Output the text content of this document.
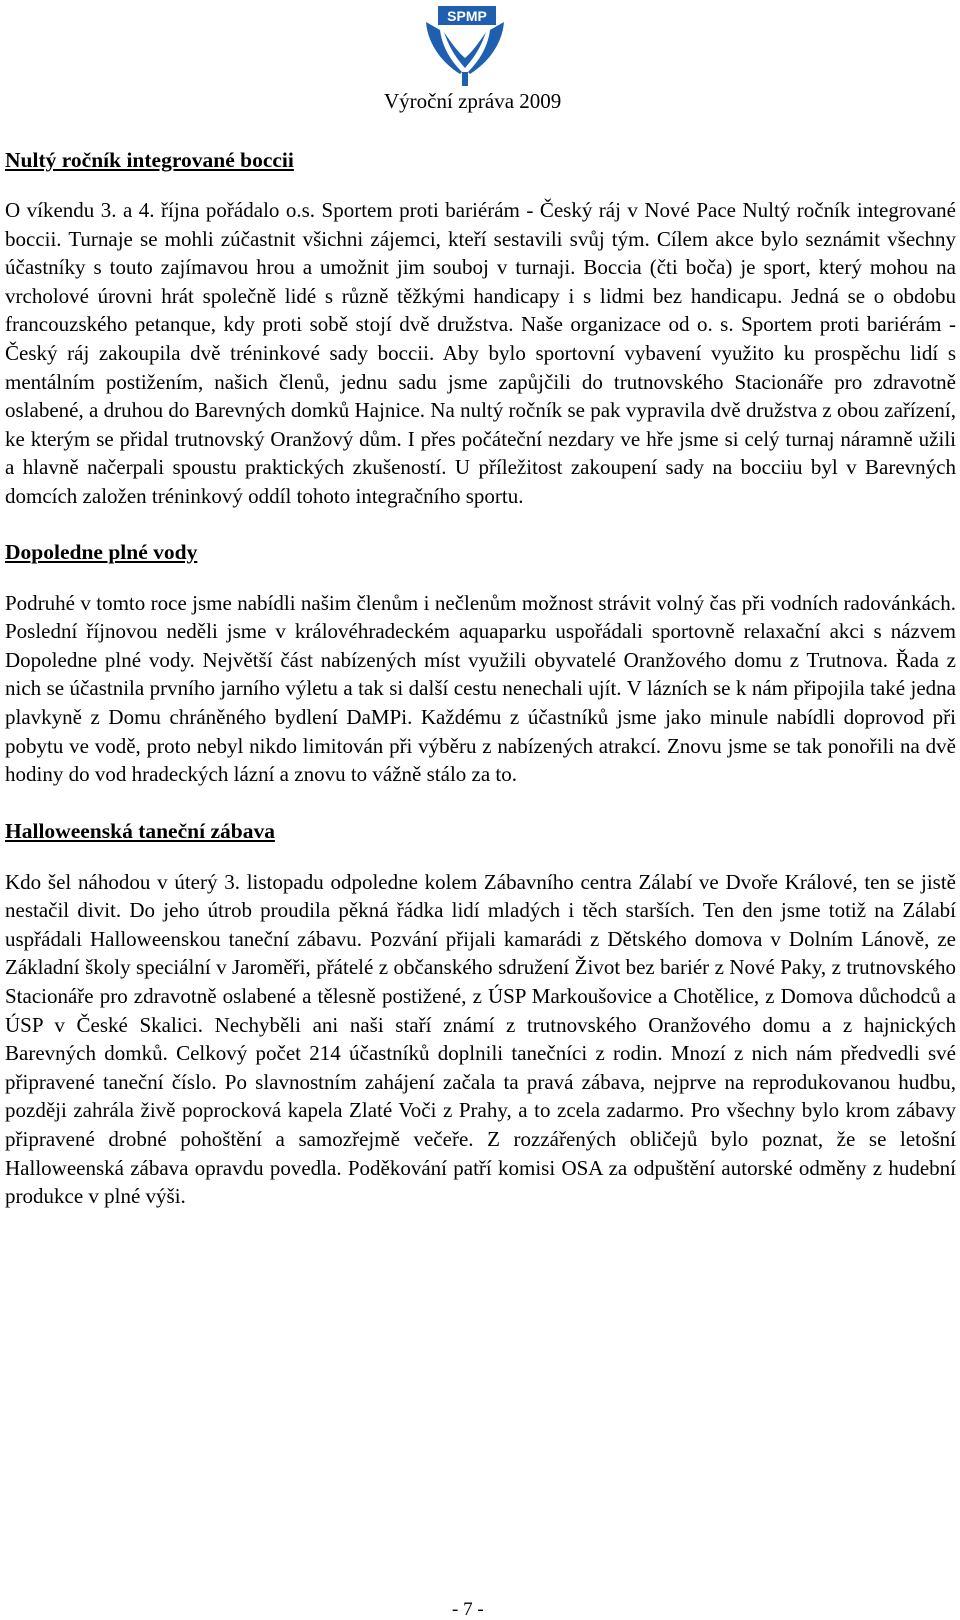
SPMP
Výroční zpráva 2009
Nultý ročník integrované boccii

O víkendu 3. a 4. října pořádalo o.s. Sportem proti bariérám - Český ráj v Nové Pace Nultý ročník integrované boccii. Turnaje se mohli zúčastnit všichni zájemci, kteří sestavili svůj tým. Cílem akce bylo seznámit všechny účastníky s touto zajímavou hrou a umožnit jim souboj v turnaji. Boccia (čti boča) je sport, který mohou na vrcholové úrovni hrát společně lidé s různě těžkými handicapy i s lidmi bez handicapu. Jedná se o obdobu francouzského petanque, kdy proti sobě stojí dvě družstva. Naše organizace od o. s. Sportem proti bariérám - Český ráj zakoupila dvě tréninkové sady boccii. Aby bylo sportovní vybavení využito ku prospěchu lidí s mentálním postižením, našich členů, jednu sadu jsme zapůjčili do trutnovského Stacionáře pro zdravotně oslabené, a druhou do Barevných domků Hajnice. Na nultý ročník se pak vypravila dvě družstva z obou zařízení, ke kterým se přidal trutnovský Oranžový dům. I přes počáteční nezdary ve hře jsme si celý turnaj náramně užili a hlavně načerpali spoustu praktických zkušeností. U příležitost zakoupení sady na bocciiu byl v Barevných domcích založen tréninkový oddíl tohoto integračního sportu.

Dopoledne plné vody

Podruhé v tomto roce jsme nabídli našim členům i nečlenům možnost strávit volný čas při vodních radovánkách. Poslední říjnovou neděli jsme v královéhradeckém aquaparku uspořádali sportovně relaxační akci s názvem Dopoledne plné vody. Největší část nabízených míst využili obyvatelé Oranžového domu z Trutnova. Řada z nich se účastnila prvního jarního výletu a tak si další cestu nenechali ujít. V lázních se k nám připojila také jedna plavkyně z Domu chráněného bydlení DaMPi. Každému z účastníků jsme jako minule nabídli doprovod při pobytu ve vodě, proto nebyl nikdo limitován při výběru z nabízených atrakcí. Znovu jsme se tak ponořili na dvě hodiny do vod hradeckých lázní a znovu to vážně stálo za to.

Halloweenská taneční zábava

Kdo šel náhodou v úterý 3. listopadu odpoledne kolem Zábavního centra Zálabí ve Dvoře Králové, ten se jistě nestačil divit. Do jeho útrob proudila pěkná řádka lidí mladých i těch starších. Ten den jsme totiž na Zálabí uspřádali Halloweenskou taneční zábavu. Pozvání přijali kamarádi z Dětského domova v Dolním Lánově, ze Základní školy speciální v Jaroměři, přátelé z občanského sdružení Život bez bariér z Nové Paky, z trutnovského Stacionáře pro zdravotně oslabené a tělesně postižené, z ÚSP Markoušovice a Chotělice, z Domova důchodců a ÚSP v České Skalici. Nechyběli ani naši staří známí z trutnovského Oranžového domu a z hajnických Barevných domků. Celkový počet 214 účastníků doplnili tanečníci z rodin. Mnozí z nich nám předvedli své připravené taneční číslo. Po slavnostním zahájení začala ta pravá zábava, nejprve na reprodukovanou hudbu, později zahrála živě poprocková kapela Zlaté Voči z Prahy, a to zcela zadarmo. Pro všechny bylo krom zábavy připravené drobné pohoštění a samozřejmě večeře. Z rozzářených obličejů bylo poznat, že se letošní Halloweenská zábava opravdu povedla. Poděkování patří komisi OSA za odpuštění autorské odměny z hudební produkce v plné výši.

- 7 -
